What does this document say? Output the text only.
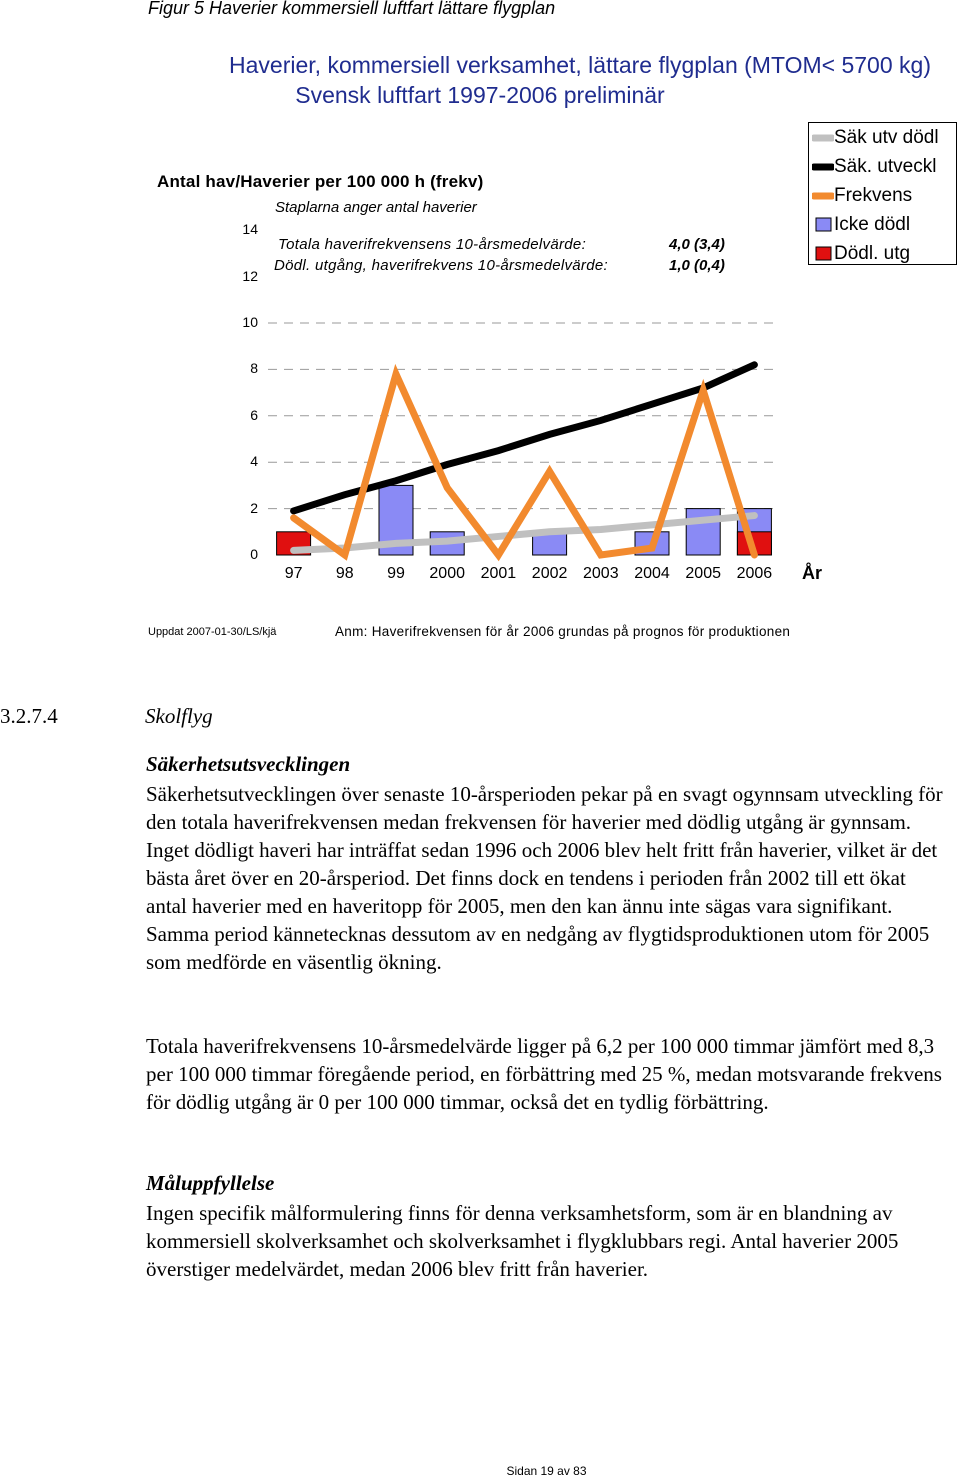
Figur 5 Haverier kommersiell luftfart lättare flygplan
Haverier, kommersiell verksamhet, lättare flygplan (MTOM< 5700 kg)
Svensk luftfart 1997-2006 preliminär
Antal hav/Haverier per 100 000 h (frekv)
0
2
4
6
8
10
12
14
97	98	99	2000 2001 2002 2003 2004 2005 2006
Staplarna anger antal haverier
Totala haverifrekvensens 10-årsmedelvärde:	4,0 (3,4)
Dödl. utgång, haverifrekvens 10-årsmedelvärde:	1,0 (0,4)
Säk utv dödl
Säk. utveckl
Frekvens
Icke dödl
Dödl. utg
År
Uppdat 2007-01-30/LS/kjä	Anm: Haverifrekvensen för år 2006 grundas på prognos för produktionen
3.2.7.4	Skolflyg
Säkerhetsutsvecklingen
Säkerhetsutvecklingen över senaste 10-årsperioden pekar på en svagt ogynnsam utveckling för den totala haverifrekvensen medan frekvensen för haverier med dödlig utgång är gynnsam. Inget dödligt haveri har inträffat sedan 1996 och 2006 blev helt fritt från haverier, vilket är det bästa året över en 20-årsperiod. Det finns dock en tendens i perioden från 2002 till ett ökat antal haverier med en haveritopp för 2005, men den kan ännu inte sägas vara signifikant. Samma period kännetecknas dessutom av en nedgång av flygtidsproduktionen utom för 2005 som medförde en väsentlig ökning.
Totala haverifrekvensens 10-årsmedelvärde ligger på 6,2 per 100 000 timmar jämfört med 8,3 per 100 000 timmar föregående period, en förbättring med 25 %, medan motsvarande frekvens för dödlig utgång är 0 per 100 000 timmar, också det en tydlig förbättring.
Måluppfyllelse
Ingen specifik målformulering finns för denna verksamhetsform, som är en blandning av kommersiell skolverksamhet och skolverksamhet i flygklubbars regi. Antal haverier 2005 överstiger medelvärdet, medan 2006 blev fritt från haverier.
Sidan 19 av 83
